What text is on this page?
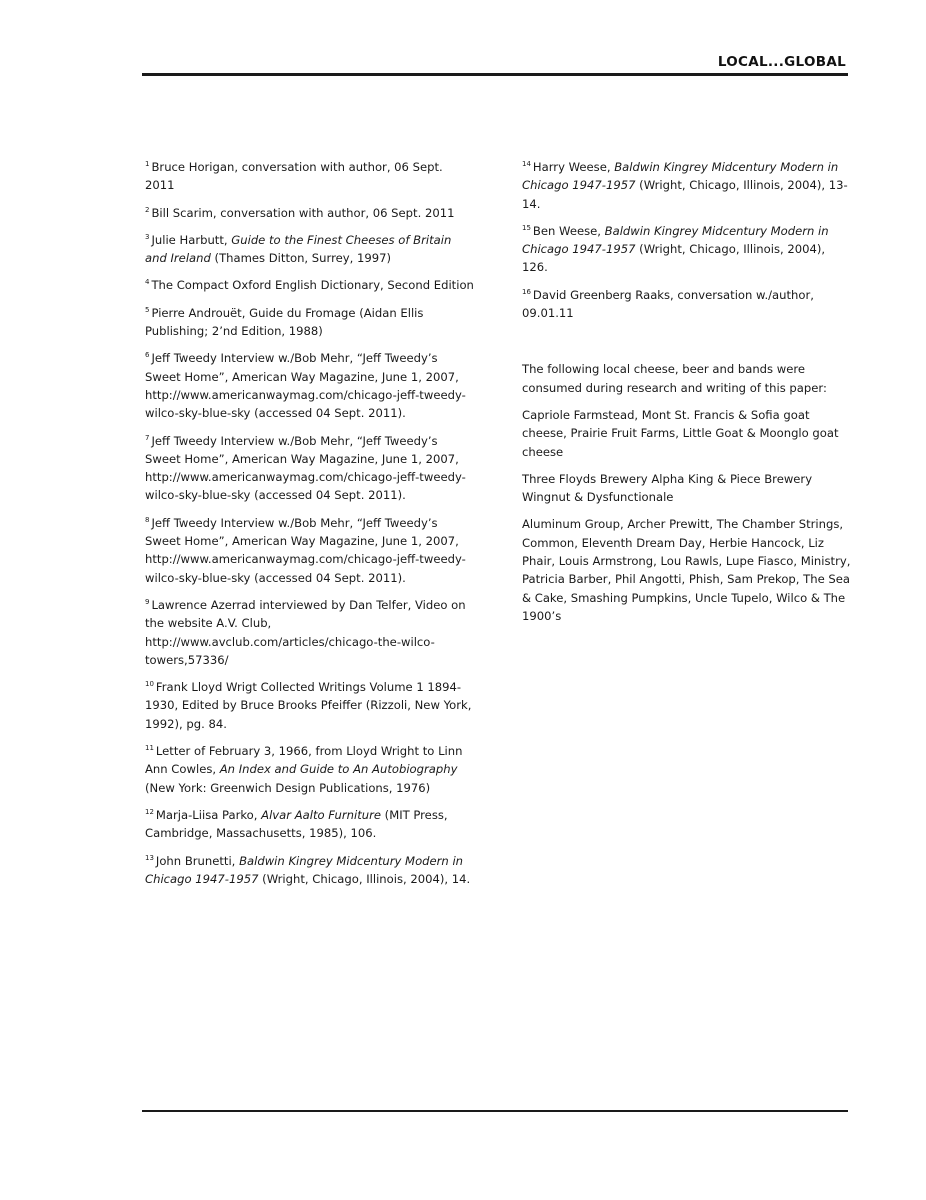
LOCAL...GLOBAL

$^1$ Bruce Horigan, conversation with author, 06 Sept. 2011

$^2$ Bill Scarim, conversation with author, 06 Sept. 2011

$^3$ Julie Harbutt, Guide to the Finest Cheeses of Britain and Ireland (Thames Ditton, Surrey, 1997)

$^4$ The Compact Oxford English Dictionary, Second Edition

$^5$ Pierre Androuët, Guide du Fromage (Aidan Ellis Publishing; 2’nd Edition, 1988)

$^6$ Jeff Tweedy Interview w./Bob Mehr, “Jeff Tweedy’s Sweet Home”, American Way Magazine, June 1, 2007, http://www.americanwaymag.com/chicago-jeff-tweedy-wilco-sky-blue-sky (accessed 04 Sept. 2011).

$^7$ Jeff Tweedy Interview w./Bob Mehr, “Jeff Tweedy’s Sweet Home”, American Way Magazine, June 1, 2007, http://www.americanwaymag.com/chicago-jeff-tweedy-wilco-sky-blue-sky (accessed 04 Sept. 2011).

$^8$ Jeff Tweedy Interview w./Bob Mehr, “Jeff Tweedy’s Sweet Home”, American Way Magazine, June 1, 2007, http://www.americanwaymag.com/chicago-jeff-tweedy-wilco-sky-blue-sky (accessed 04 Sept. 2011).

$^9$ Lawrence Azerrad interviewed by Dan Telfer, Video on the website A.V. Club, http://www.avclub.com/articles/chicago-the-wilco-towers,57336/

$^{10}$ Frank Lloyd Wrigt Collected Writings Volume 1 1894-1930, Edited by Bruce Brooks Pfeiffer (Rizzoli, New York, 1992), pg. 84.

$^{11}$ Letter of February 3, 1966, from Lloyd Wright to Linn Ann Cowles, An Index and Guide to An Autobiography (New York: Greenwich Design Publications, 1976)

$^{12}$ Marja-Liisa Parko, Alvar Aalto Furniture (MIT Press, Cambridge, Massachusetts, 1985), 106.

$^{13}$ John Brunetti, Baldwin Kingrey Midcentury Modern in Chicago 1947-1957 (Wright, Chicago, Illinois, 2004), 14.

$^{14}$ Harry Weese, Baldwin Kingrey Midcentury Modern in Chicago 1947-1957 (Wright, Chicago, Illinois, 2004), 13-14.

$^{15}$ Ben Weese, Baldwin Kingrey Midcentury Modern in Chicago 1947-1957 (Wright, Chicago, Illinois, 2004), 126.

$^{16}$ David Greenberg Raaks, conversation w./author, 09.01.11

The following local cheese, beer and bands were consumed during research and writing of this paper:

Capriole Farmstead, Mont St. Francis & Sofia goat cheese, Prairie Fruit Farms, Little Goat & Moonglo goat cheese

Three Floyds Brewery Alpha King & Piece Brewery Wingnut & Dysfunctionale

Aluminum Group, Archer Prewitt, The Chamber Strings, Common, Eleventh Dream Day, Herbie Hancock, Liz Phair, Louis Armstrong, Lou Rawls, Lupe Fiasco, Ministry, Patricia Barber, Phil Angotti, Phish, Sam Prekop, The Sea & Cake, Smashing Pumpkins, Uncle Tupelo, Wilco & The 1900’s
